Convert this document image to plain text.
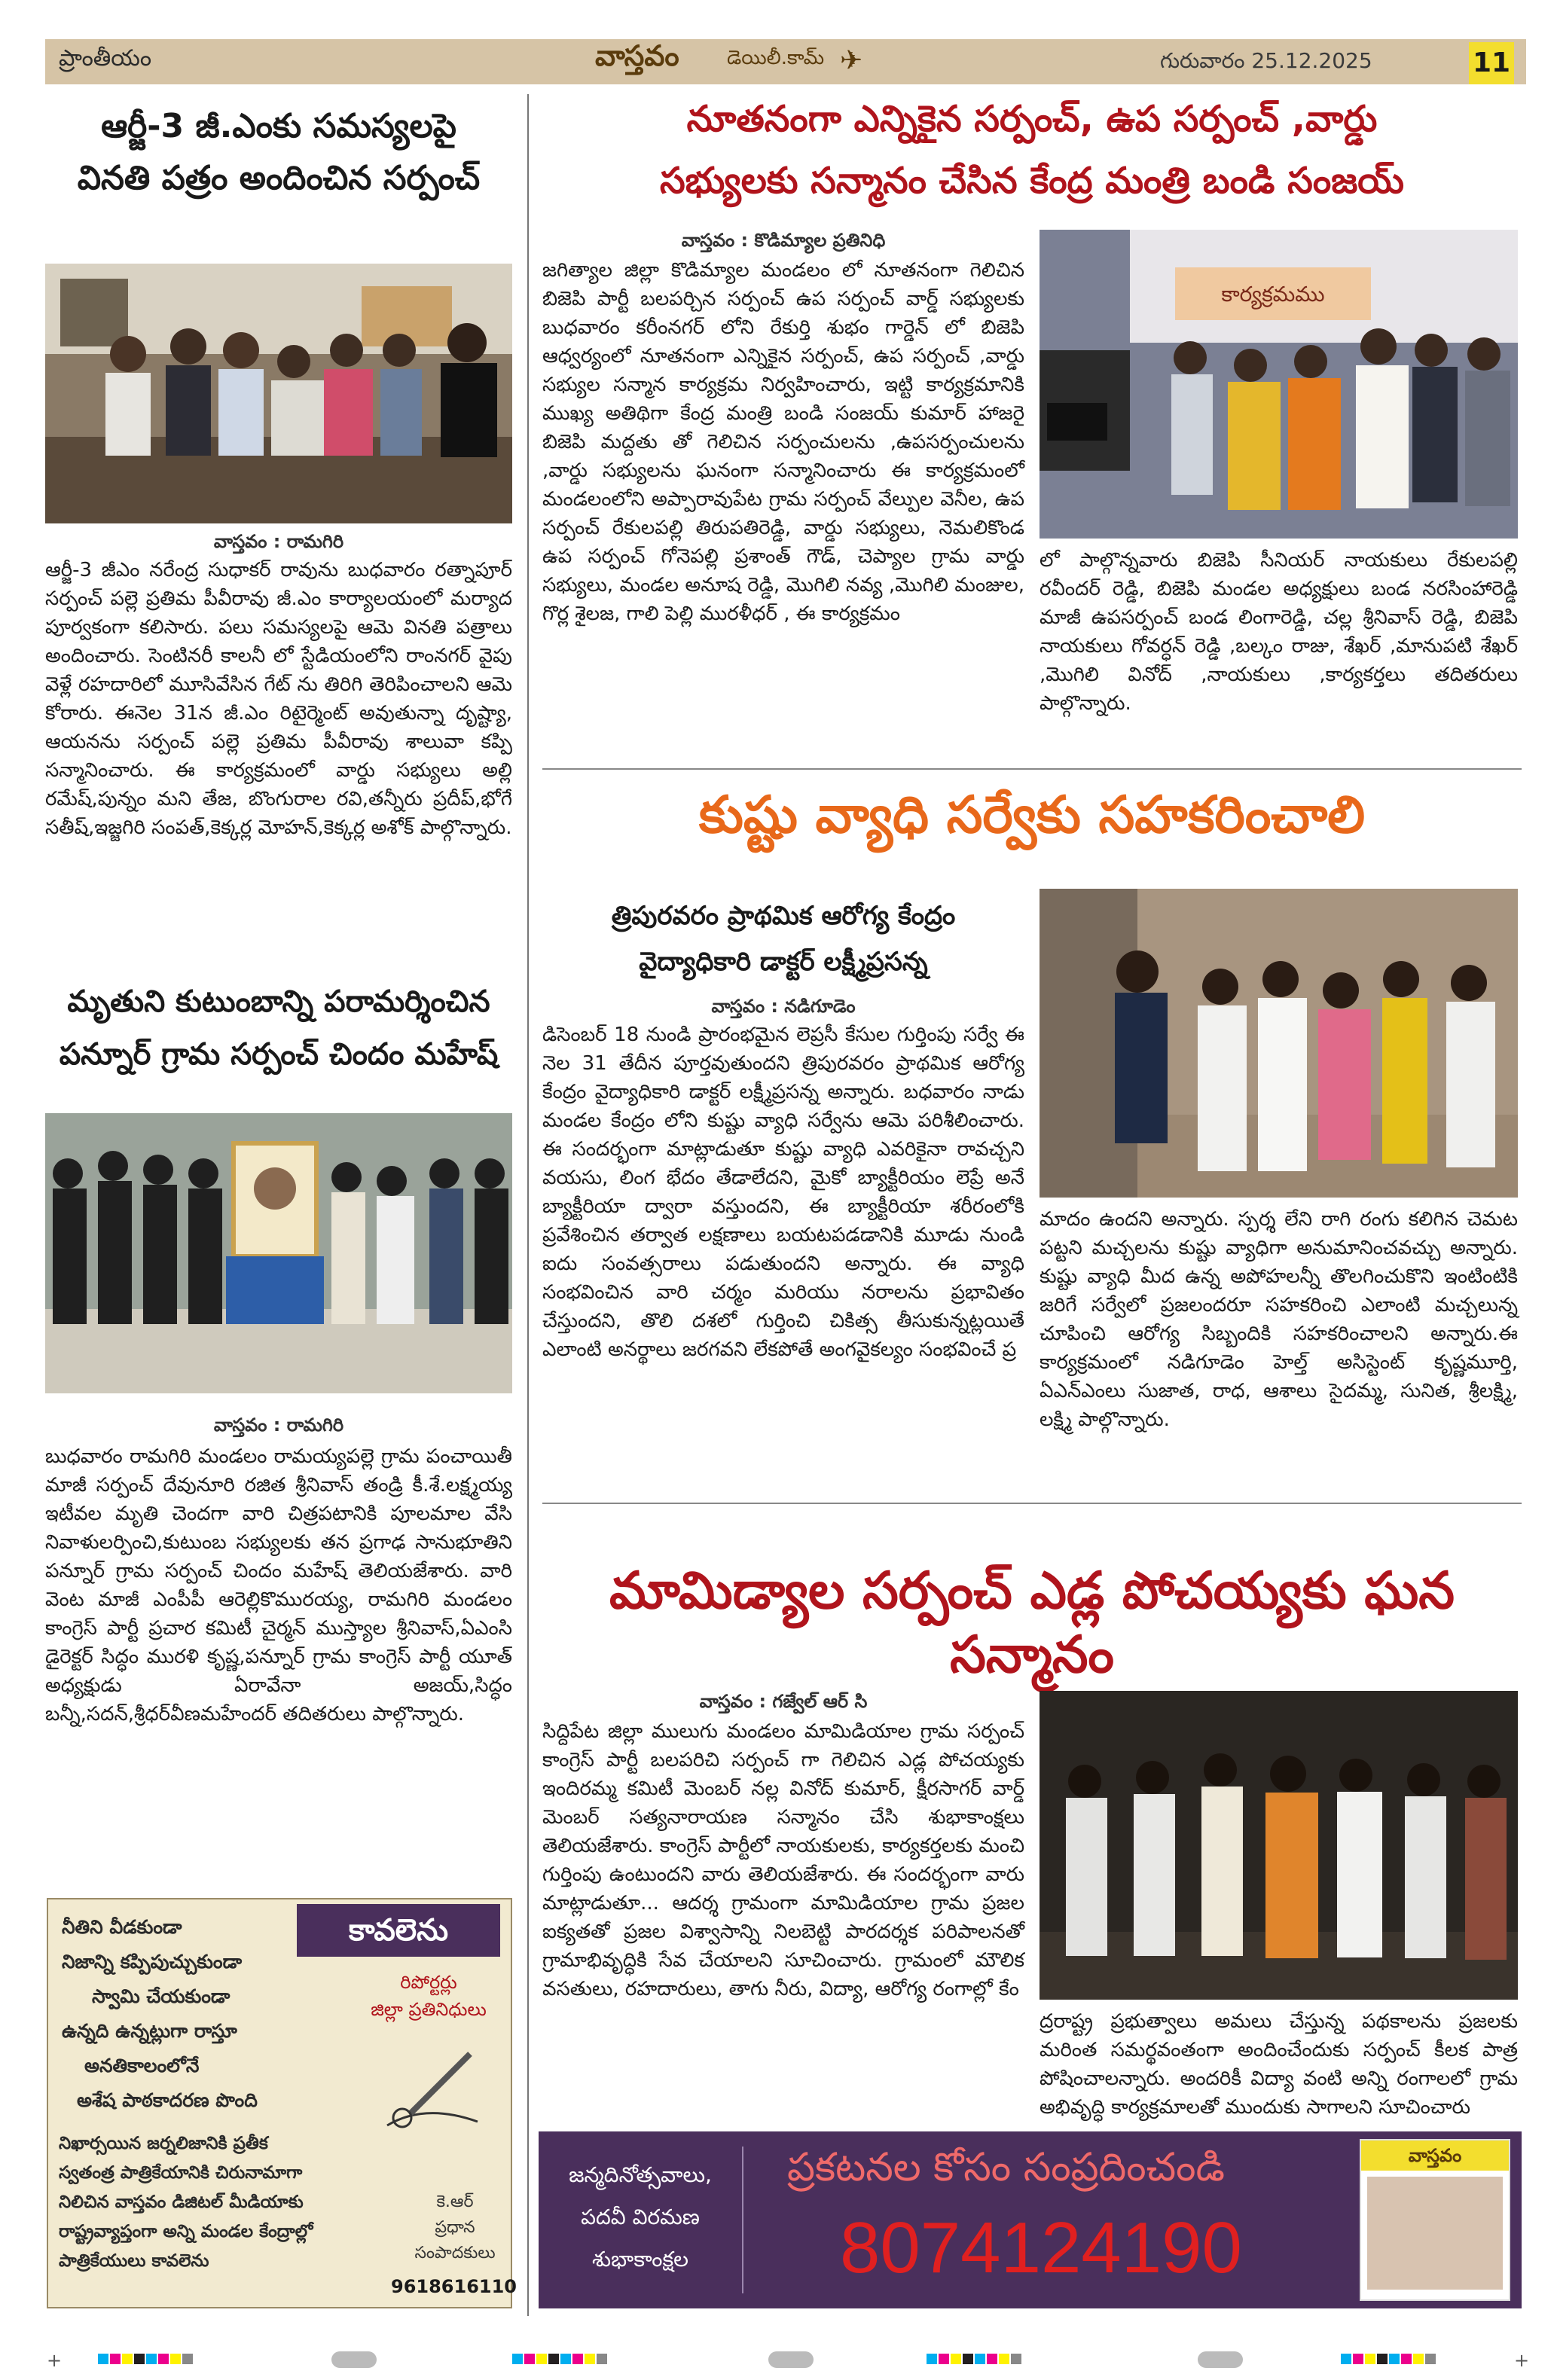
ప్రాంతీయం	వాస్తవం డెయిలీ.కామ్ ✈	గురువారం 25.12.2025	11
ఆర్జీ-3 జీ.ఎంకు సమస్యలపై
వినతి పత్రం అందించిన సర్పంచ్
వాస్తవం : రామగిరి
ఆర్జీ-3 జీఎం నరేంద్ర సుధాకర్ రావును బుధవారం రత్నాపూర్ సర్పంచ్ పల్లె ప్రతిమ పీవీరావు జీ.ఎం కార్యాలయంలో మర్యాద పూర్వకంగా కలిసారు. పలు సమస్యలపై ఆమె వినతి పత్రాలు అందించారు. సెంటినరీ కాలనీ లో స్టేడియంలోని రాంనగర్ వైపు వెళ్లే రహదారిలో మూసివేసిన గేట్ ను తిరిగి తెరిపించాలని ఆమె కోరారు. ఈనెల 31న జీ.ఎం రిటైర్మెంట్ అవుతున్నా దృష్ట్యా, ఆయనను సర్పంచ్ పల్లె ప్రతిమ పీవీరావు శాలువా కప్పి సన్మానించారు. ఈ కార్యక్రమంలో వార్డు సభ్యులు అల్లి రమేష్,పున్నం మని తేజ, బొంగురాల రవి,తన్నీరు ప్రదీప్,భోగే సతీష్,ఇజ్జగిరి సంపత్,కెక్కర్ల మోహన్,కెక్కర్ల అశోక్ పాల్గొన్నారు.
మృతుని కుటుంబాన్ని పరామర్శించిన
పన్నూర్ గ్రామ సర్పంచ్ చిందం మహేష్
వాస్తవం : రామగిరి
బుధవారం రామగిరి మండలం రామయ్యపల్లె గ్రామ పంచాయితీ మాజీ సర్పంచ్ దేవునూరి రజిత శ్రీనివాస్ తండ్రి కీ.శే.లక్ష్మయ్య ఇటీవల మృతి చెందగా వారి చిత్రపటానికి పూలమాల వేసి నివాళులర్పించి,కుటుంబ సభ్యులకు తన ప్రగాఢ సానుభూతిని పన్నూర్ గ్రామ సర్పంచ్ చిందం మహేష్ తెలియజేశారు. వారి వెంట మాజీ ఎంపీపీ ఆరెల్లికొమురయ్య, రామగిరి మండలం కాంగ్రెస్ పార్టీ ప్రచార కమిటీ చైర్మన్ ముస్త్యాల శ్రీనివాస్,ఏఎంసి డైరెక్టర్ సిద్ధం మురళి కృష్ణ,పన్నూర్ గ్రామ కాంగ్రెస్ పార్టీ యూత్ అధ్యక్షుడు ఏరావేనా అజయ్,సిద్ధం బన్నీ,సదన్,శ్రీధర్‌వీణమహేందర్ తదితరులు పాల్గొన్నారు.
కావలెను
నీతిని వీడకుండా
నిజాన్ని కప్పిపుచ్చుకుండా
స్వామి చేయకుండా
ఉన్నది ఉన్నట్లుగా రాస్తూ
అనతికాలంలోనే
అశేష పాఠకాదరణ పొంది
రిపోర్టర్లు
జిల్లా ప్రతినిధులు
నిఖార్సయిన జర్నలిజానికి ప్రతీక
స్వతంత్ర పాత్రికేయానికి చిరునామాగా
నిలిచిన వాస్తవం డిజిటల్ మీడియాకు
రాష్ట్రవ్యాప్తంగా అన్ని మండల కేంద్రాల్లో
పాత్రికేయులు కావలెను
కె.ఆర్
ప్రధాన
సంపాదకులు
9618616110
నూతనంగా ఎన్నికైన సర్పంచ్, ఉప సర్పంచ్ ,వార్డు
సభ్యులకు సన్మానం చేసిన కేంద్ర మంత్రి బండి సంజయ్
వాస్తవం : కొడిమ్యాల ప్రతినిధి
జగిత్యాల జిల్లా కొడిమ్యాల మండలం లో నూతనంగా గెలిచిన బిజెపి పార్టీ బలపర్చిన సర్పంచ్ ఉప సర్పంచ్ వార్డ్ సభ్యులకు బుధవారం కరీంనగర్ లోని రేకుర్తి శుభం గార్డెన్ లో బిజెపి ఆధ్వర్యంలో నూతనంగా ఎన్నికైన సర్పంచ్, ఉప సర్పంచ్ ,వార్డు సభ్యుల సన్మాన కార్యక్రమ నిర్వహించారు, ఇట్టి కార్యక్రమానికి ముఖ్య అతిథిగా కేంద్ర మంత్రి బండి సంజయ్ కుమార్ హాజరై బిజెపి మద్దతు తో గెలిచిన సర్పంచులను ,ఉపసర్పంచులను ,వార్డు సభ్యులను ఘనంగా సన్మానించారు ఈ కార్యక్రమంలో మండలంలోని అప్పారావుపేట గ్రామ సర్పంచ్ వేల్పుల వెనీల, ఉప సర్పంచ్ రేకులపల్లి తిరుపతిరెడ్డి, వార్డు సభ్యులు, నెమలికొండ ఉప సర్పంచ్ గోనెపల్లి ప్రశాంత్ గౌడ్, చెప్యాల గ్రామ వార్డు సభ్యులు, మండల అనూష రెడ్డి, మొగిలి నవ్య ,మొగిలి మంజుల, గొర్ల శైలజ, గాలి పెల్లి మురళీధర్ , ఈ కార్యక్రమం
కార్యక్రమము
లో పాల్గొన్నవారు బిజెపి సీనియర్ నాయకులు రేకులపల్లి రవీందర్ రెడ్డి, బిజెపి మండల అధ్యక్షులు బండ నరసింహారెడ్డి మాజీ ఉపసర్పంచ్ బండ లింగారెడ్డి, చల్ల శ్రీనివాస్ రెడ్డి, బిజెపి నాయకులు గోవర్ధన్ రెడ్డి ,బల్కం రాజు, శేఖర్ ,మానుపటి శేఖర్ ,మొగిలి వినోద్ ,నాయకులు ,కార్యకర్తలు తదితరులు పాల్గొన్నారు.
కుష్టు వ్యాధి సర్వేకు సహకరించాలి
త్రిపురవరం ప్రాథమిక ఆరోగ్య కేంద్రం
వైద్యాధికారి డాక్టర్ లక్ష్మీప్రసన్న
వాస్తవం : నడిగూడెం
డిసెంబర్ 18 నుండి ప్రారంభమైన లెప్రసీ కేసుల గుర్తింపు సర్వే ఈ నెల 31 తేదీన పూర్తవుతుందని త్రిపురవరం ప్రాథమిక ఆరోగ్య కేంద్రం వైద్యాధికారి డాక్టర్ లక్ష్మీప్రసన్న అన్నారు. బధవారం నాడు మండల కేంద్రం లోని కుష్టు వ్యాధి సర్వేను ఆమె పరిశీలించారు. ఈ సందర్భంగా మాట్లాడుతూ కుష్టు వ్యాధి ఎవరికైనా రావచ్చని వయసు, లింగ భేదం తేడాలేదని, మైకో బ్యాక్టీరియం లెప్రే అనే బ్యాక్టీరియా ద్వారా వస్తుందని, ఈ బ్యాక్టీరియా శరీరంలోకి ప్రవేశించిన తర్వాత లక్షణాలు బయటపడడానికి మూడు నుండి ఐదు సంవత్సరాలు పడుతుందని అన్నారు. ఈ వ్యాధి సంభవించిన వారి చర్మం మరియు నరాలను ప్రభావితం చేస్తుందని, తొలి దశలో గుర్తించి చికిత్స తీసుకున్నట్లయితే ఎలాంటి అనర్థాలు జరగవని లేకపోతే అంగవైకల్యం సంభవించే ప్ర
మాదం ఉందని అన్నారు. స్పర్శ లేని రాగి రంగు కలిగిన చెమట పట్టని మచ్చలను కుష్టు వ్యాధిగా అనుమానించవచ్చు అన్నారు. కుష్టు వ్యాధి మీద ఉన్న అపోహలన్నీ తొలగించుకొని ఇంటింటికి జరిగే సర్వేలో ప్రజలందరూ సహకరించి ఎలాంటి మచ్చలున్న చూపించి ఆరోగ్య సిబ్బందికి సహకరించాలని అన్నారు.ఈ కార్యక్రమంలో నడిగూడెం హెల్త్ అసిస్టెంట్ కృష్ణమూర్తి, ఏఎన్ఎంలు సుజాత, రాధ, ఆశాలు సైదమ్మ, సునిత, శ్రీలక్ష్మి, లక్ష్మి పాల్గొన్నారు.
మామిడ్యాల సర్పంచ్ ఎడ్ల పోచయ్యకు ఘన సన్మానం
వాస్తవం : గజ్వేల్ ఆర్ సి
సిద్దిపేట జిల్లా ములుగు మండలం మామిడియాల గ్రామ సర్పంచ్ కాంగ్రెస్ పార్టీ బలపరిచి సర్పంచ్ గా గెలిచిన ఎడ్ల పోచయ్యకు ఇందిరమ్మ కమిటీ మెంబర్ నల్ల వినోద్ కుమార్, క్షీరసాగర్ వార్డ్ మెంబర్ సత్యనారాయణ సన్మానం చేసి శుభాకాంక్షలు తెలియజేశారు. కాంగ్రెస్ పార్టీలో నాయకులకు, కార్యకర్తలకు మంచి గుర్తింపు ఉంటుందని వారు తెలియజేశారు. ఈ సందర్భంగా వారు మాట్లాడుతూ... ఆదర్శ గ్రామంగా మామిడియాల గ్రామ ప్రజల ఐక్యతతో ప్రజల విశ్వాసాన్ని నిలబెట్టి పారదర్శక పరిపాలనతో గ్రామాభివృద్ధికి సేవ చేయాలని సూచించారు. గ్రామంలో మౌలిక వసతులు, రహదారులు, తాగు నీరు, విద్యా, ఆరోగ్య రంగాల్లో కేం
ద్రరాష్ట్ర ప్రభుత్వాలు అమలు చేస్తున్న పథకాలను ప్రజలకు మరింత సమర్థవంతంగా అందించేందుకు సర్పంచ్ కీలక పాత్ర పోషించాలన్నారు. అందరికీ విద్యా వంటి అన్ని రంగాలలో గ్రామ అభివృద్ధి కార్యక్రమాలతో ముందుకు సాగాలని సూచించారు
జన్మదినోత్సవాలు,
పదవీ విరమణ
శుభాకాంక్షల
ప్రకటనల కోసం సంప్రదించండి
8074124190
వాస్తవం
+	+
